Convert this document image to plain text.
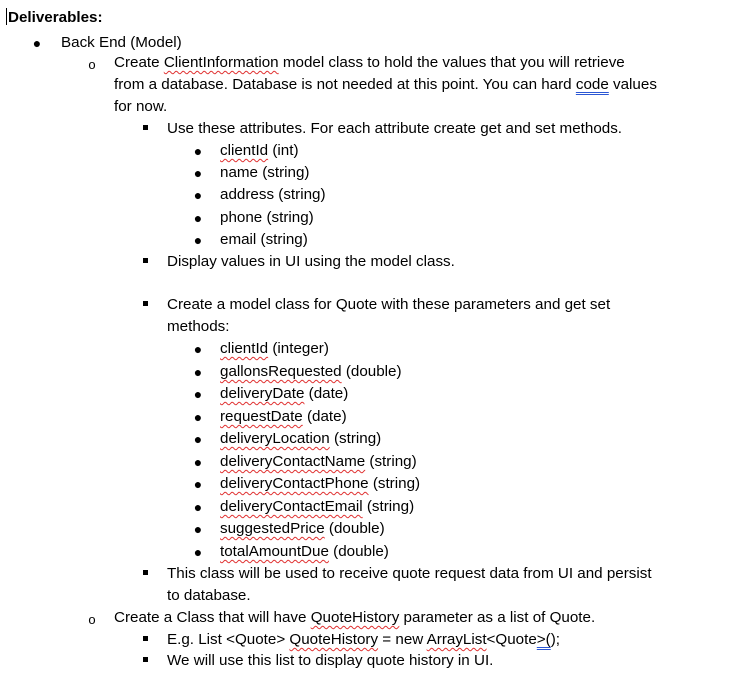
Deliverables:
● Back End (Model)
o Create ClientInformation model class to hold the values that you will retrieve
from a database. Database is not needed at this point. You can hard code values
for now.
Use these attributes. For each attribute create get and set methods.
● clientId (int)
● name (string)
● address (string)
● phone (string)
● email (string)
Display values in UI using the model class.
Create a model class for Quote with these parameters and get set
methods:
● clientId (integer)
● gallonsRequested (double)
● deliveryDate (date)
● requestDate (date)
● deliveryLocation (string)
● deliveryContactName (string)
● deliveryContactPhone (string)
● deliveryContactEmail (string)
● suggestedPrice (double)
● totalAmountDue (double)
This class will be used to receive quote request data from UI and persist
to database.
o Create a Class that will have QuoteHistory parameter as a list of Quote.
E.g. List <Quote> QuoteHistory = new ArrayList<Quote>();
We will use this list to display quote history in UI.
